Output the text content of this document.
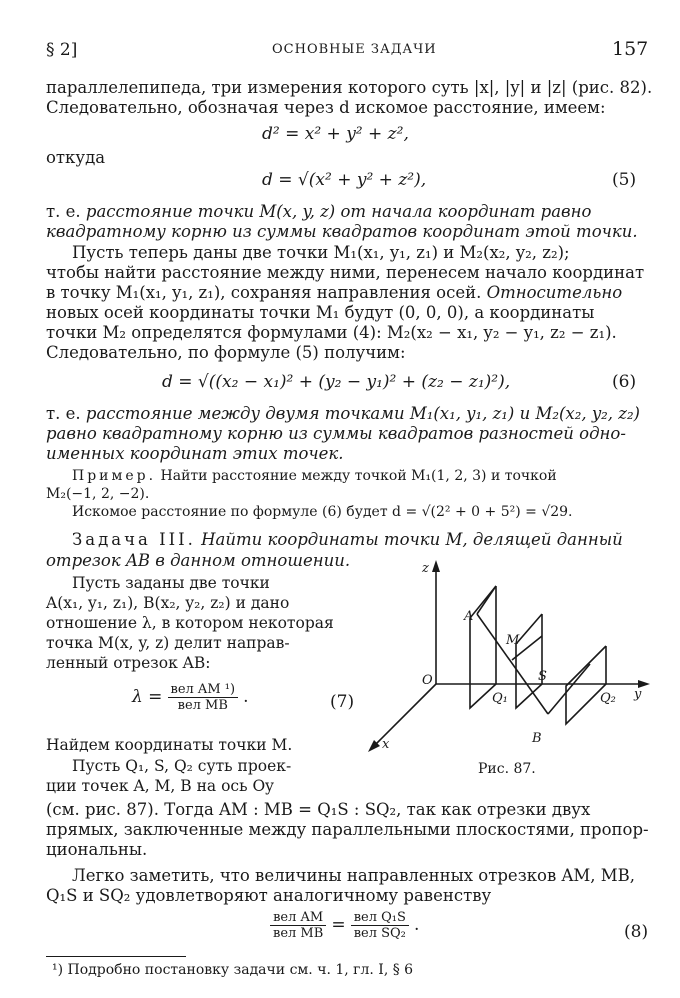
§ 2]	ОСНОВНЫЕ ЗАДАЧИ	157
параллелепипеда, три измерения которого суть |x|, |y| и |z| (рис. 82).
Следовательно, обозначая через d искомое расстояние, имеем:
d² = x² + y² + z²,
откуда
d = √(x² + y² + z²),	(5)
т. е. расстояние точки M(x, y, z) от начала координат равно
квадратному корню из суммы квадратов координат этой точки.
Пусть теперь даны две точки M₁(x₁, y₁, z₁) и M₂(x₂, y₂, z₂);
чтобы найти расстояние между ними, перенесем начало координат
в точку M₁(x₁, y₁, z₁), сохраняя направления осей. Относительно
новых осей координаты точки M₁ будут (0, 0, 0), а координаты
точки M₂ определятся формулами (4): M₂(x₂ − x₁, y₂ − y₁, z₂ − z₁).
Следовательно, по формуле (5) получим:
d = √((x₂ − x₁)² + (y₂ − y₁)² + (z₂ − z₁)²),	(6)
т. е. расстояние между двумя точками M₁(x₁, y₁, z₁) и M₂(x₂, y₂, z₂)
равно квадратному корню из суммы квадратов разностей одно-
именных координат этих точек.
Пример. Найти расстояние между точкой M₁(1, 2, 3) и точкой
M₂(−1, 2, −2).
Искомое расстояние по формуле (6) будет d = √(2² + 0 + 5²) = √29.
Задача III. Найти координаты точки M, делящей данный
отрезок AB в данном отношении.
Пусть заданы две точки
A(x₁, y₁, z₁), B(x₂, y₂, z₂) и дано
отношение λ, в котором некоторая
точка M(x, y, z) делит направ-
ленный отрезок AB:
$\lambda = \frac{\text{вел AM ¹)}}{\text{вел MB}}$ .	(7)
Найдем координаты точки M.
Пусть Q₁, S, Q₂ суть проек-
ции точек A, M, B на ось Oy
Рис. 87.
(см. рис. 87). Тогда AM : MB = Q₁S : SQ₂, так как отрезки двух
прямых, заключенные между параллельными плоскостями, пропор-
циональны.
Легко заметить, что величины направленных отрезков AM, MB,
Q₁S и SQ₂ удовлетворяют аналогичному равенству
$\frac{\text{вел AM}}{\text{вел MB}} = \frac{\text{вел Q₁S}}{\text{вел SQ₂}}$ .	(8)
¹) Подробно постановку задачи см. ч. 1, гл. I, § 6
z
y
x
O
A
M
B
S
Q₁	Q₂
